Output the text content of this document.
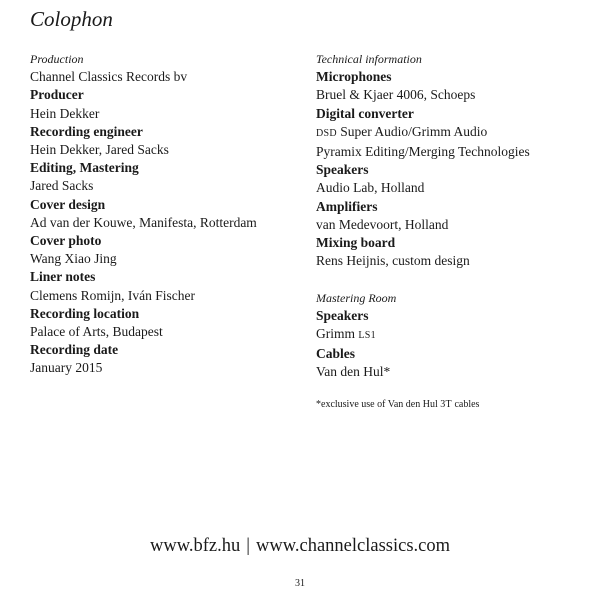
Colophon
Production
Channel Classics Records bv
Producer
Hein Dekker
Recording engineer
Hein Dekker, Jared Sacks
Editing, Mastering
Jared Sacks
Cover design
Ad van der Kouwe, Manifesta, Rotterdam
Cover photo
Wang Xiao Jing
Liner notes
Clemens Romijn, Iván Fischer
Recording location
Palace of Arts, Budapest
Recording date
January 2015
Technical information
Microphones
Bruel & Kjaer 4006, Schoeps
Digital converter
DSD Super Audio/Grimm Audio
Pyramix Editing/Merging Technologies
Speakers
Audio Lab, Holland
Amplifiers
van Medevoort, Holland
Mixing board
Rens Heijnis, custom design
Mastering Room
Speakers
Grimm LS1
Cables
Van den Hul*
*exclusive use of Van den Hul 3T cables
www.bfz.hu | www.channelclassics.com
31
